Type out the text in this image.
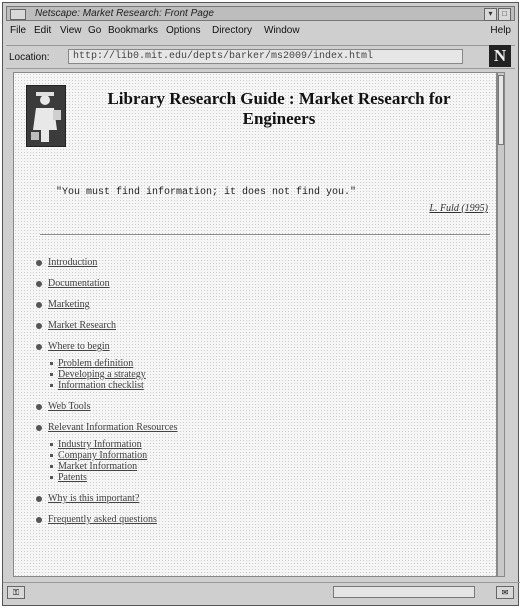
Netscape: Market Research: Front Page	▾	□
File Edit View Go Bookmarks Options Directory Window	Help
Location:	http://lib0.mit.edu/depts/barker/ms2009/index.html	N
Library Research Guide : Market Research for Engineers
"You must find information; it does not find you."
L. Fuld (1995)
Introduction
Documentation
Marketing
Market Research
Where to begin
Problem definition
Developing a strategy
Information checklist
Web Tools
Relevant Information Resources
Industry Information
Company Information
Market Information
Patents
Why is this important?
Frequently asked questions
⚿	✉
